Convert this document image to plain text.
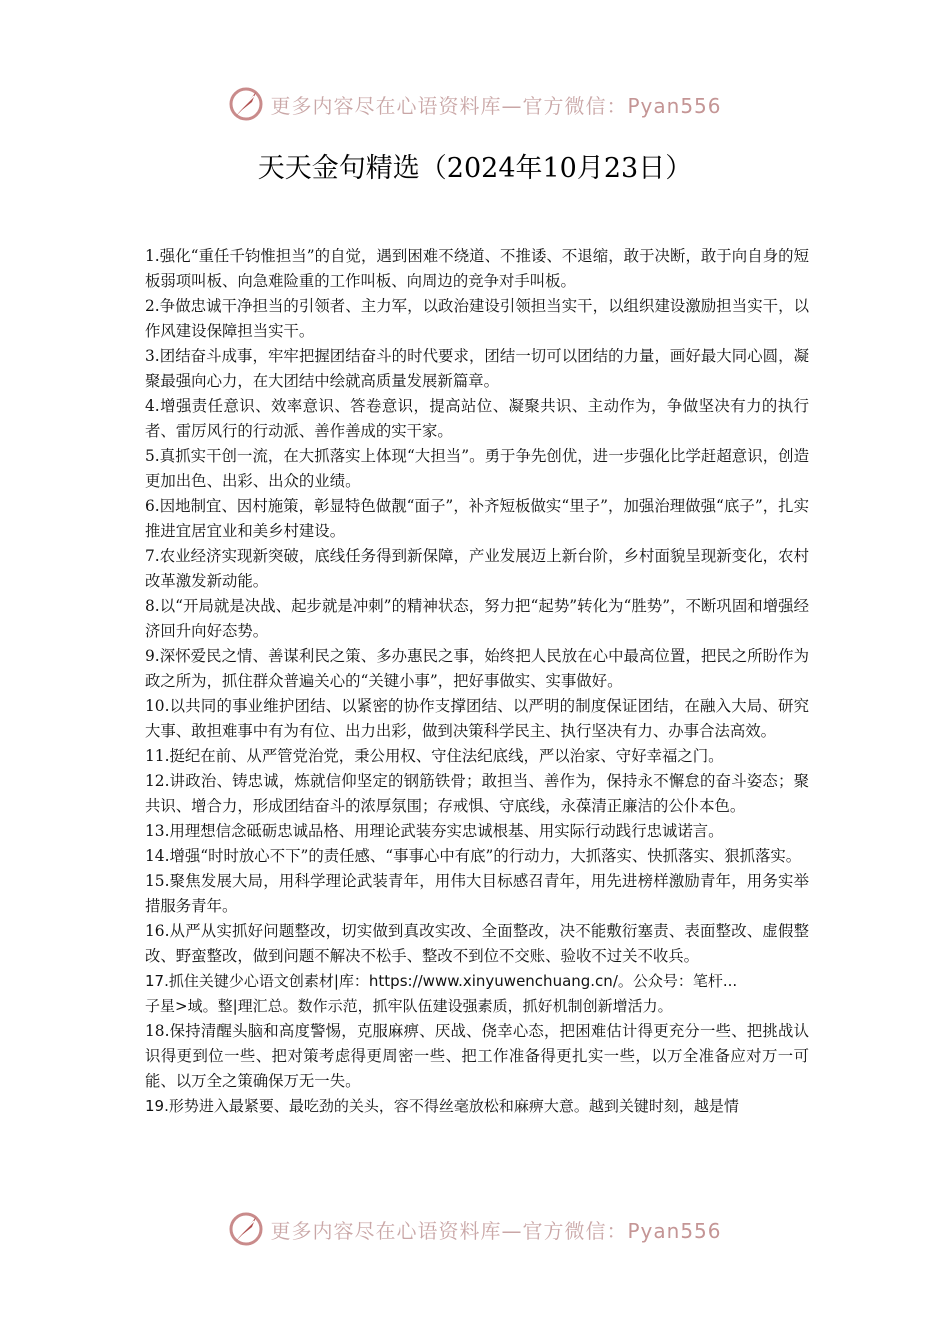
更多内容尽在心语资料库—官方微信：Pyan556
天天金句精选（2024年10月23日）

1.强化“重任千钧惟担当”的自觉，遇到困难不绕道、不推诿、不退缩，敢于决断，敢于向自身的短板弱项叫板、向急难险重的工作叫板、向周边的竞争对手叫板。

2.争做忠诚干净担当的引领者、主力军，以政治建设引领担当实干，以组织建设激励担当实干，以作风建设保障担当实干。

3.团结奋斗成事，牢牢把握团结奋斗的时代要求，团结一切可以团结的力量，画好最大同心圆，凝聚最强向心力，在大团结中绘就高质量发展新篇章。

4.增强责任意识、效率意识、答卷意识，提高站位、凝聚共识、主动作为，争做坚决有力的执行者、雷厉风行的行动派、善作善成的实干家。

5.真抓实干创一流，在大抓落实上体现“大担当”。勇于争先创优，进一步强化比学赶超意识，创造更加出色、出彩、出众的业绩。

6.因地制宜、因村施策，彰显特色做靓“面子”，补齐短板做实“里子”，加强治理做强“底子”，扎实推进宜居宜业和美乡村建设。

7.农业经济实现新突破，底线任务得到新保障，产业发展迈上新台阶，乡村面貌呈现新变化，农村改革激发新动能。

8.以“开局就是决战、起步就是冲刺”的精神状态，努力把“起势”转化为“胜势”，不断巩固和增强经济回升向好态势。

9.深怀爱民之情、善谋利民之策、多办惠民之事，始终把人民放在心中最高位置，把民之所盼作为政之所为，抓住群众普遍关心的“关键小事”，把好事做实、实事做好。

10.以共同的事业维护团结、以紧密的协作支撑团结、以严明的制度保证团结，在融入大局、研究大事、敢担难事中有为有位、出力出彩，做到决策科学民主、执行坚决有力、办事合法高效。

11.挺纪在前、从严管党治党，秉公用权、守住法纪底线，严以治家、守好幸福之门。

12.讲政治、铸忠诚，炼就信仰坚定的钢筋铁骨；敢担当、善作为，保持永不懈怠的奋斗姿态；聚共识、增合力，形成团结奋斗的浓厚氛围；存戒惧、守底线，永葆清正廉洁的公仆本色。

13.用理想信念砥砺忠诚品格、用理论武装夯实忠诚根基、用实际行动践行忠诚诺言。

14.增强“时时放心不下”的责任感、“事事心中有底”的行动力，大抓落实、快抓落实、狠抓落实。

15.聚焦发展大局，用科学理论武装青年，用伟大目标感召青年，用先进榜样激励青年，用务实举措服务青年。

16.从严从实抓好问题整改，切实做到真改实改、全面整改，决不能敷衍塞责、表面整改、虚假整改、野蛮整改，做到问题不解决不松手、整改不到位不交账、验收不过关不收兵。

17.抓住关键少心语文创素材|库：https://www.xinyuwenchuang.cn/。公众号：笔杆...

子星>域。整|理汇总。数作示范，抓牢队伍建设强素质，抓好机制创新增活力。

18.保持清醒头脑和高度警惕，克服麻痹、厌战、侥幸心态，把困难估计得更充分一些、把挑战认识得更到位一些、把对策考虑得更周密一些、把工作准备得更扎实一些，以万全准备应对万一可能、以万全之策确保万无一失。

19.形势进入最紧要、最吃劲的关头，容不得丝毫放松和麻痹大意。越到关键时刻，越是情

更多内容尽在心语资料库—官方微信：Pyan556
